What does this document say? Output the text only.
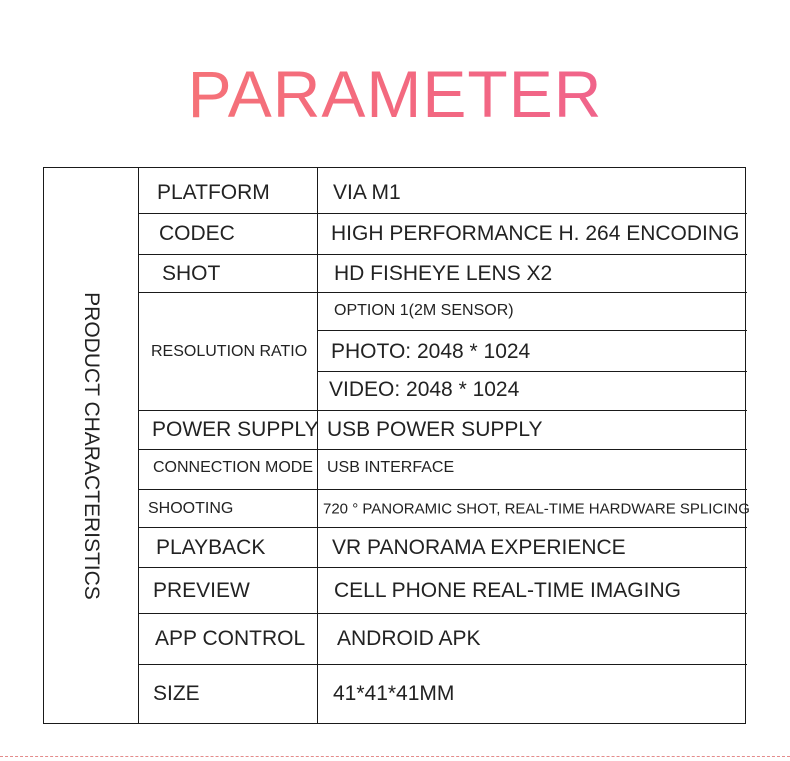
PARAMETER
PRODUCT CHARACTERISTICS
PLATFORM
CODEC
SHOT
RESOLUTION RATIO
POWER SUPPLY
CONNECTION MODE
SHOOTING
PLAYBACK
PREVIEW
APP CONTROL
SIZE
VIA M1
HIGH PERFORMANCE H. 264 ENCODING
HD FISHEYE LENS X2
OPTION 1(2M SENSOR)
PHOTO: 2048 * 1024
VIDEO: 2048 * 1024
USB POWER SUPPLY
USB INTERFACE
720 ° PANORAMIC SHOT, REAL-TIME HARDWARE SPLICING
VR PANORAMA EXPERIENCE
CELL PHONE REAL-TIME IMAGING
ANDROID APK
41*41*41MM
